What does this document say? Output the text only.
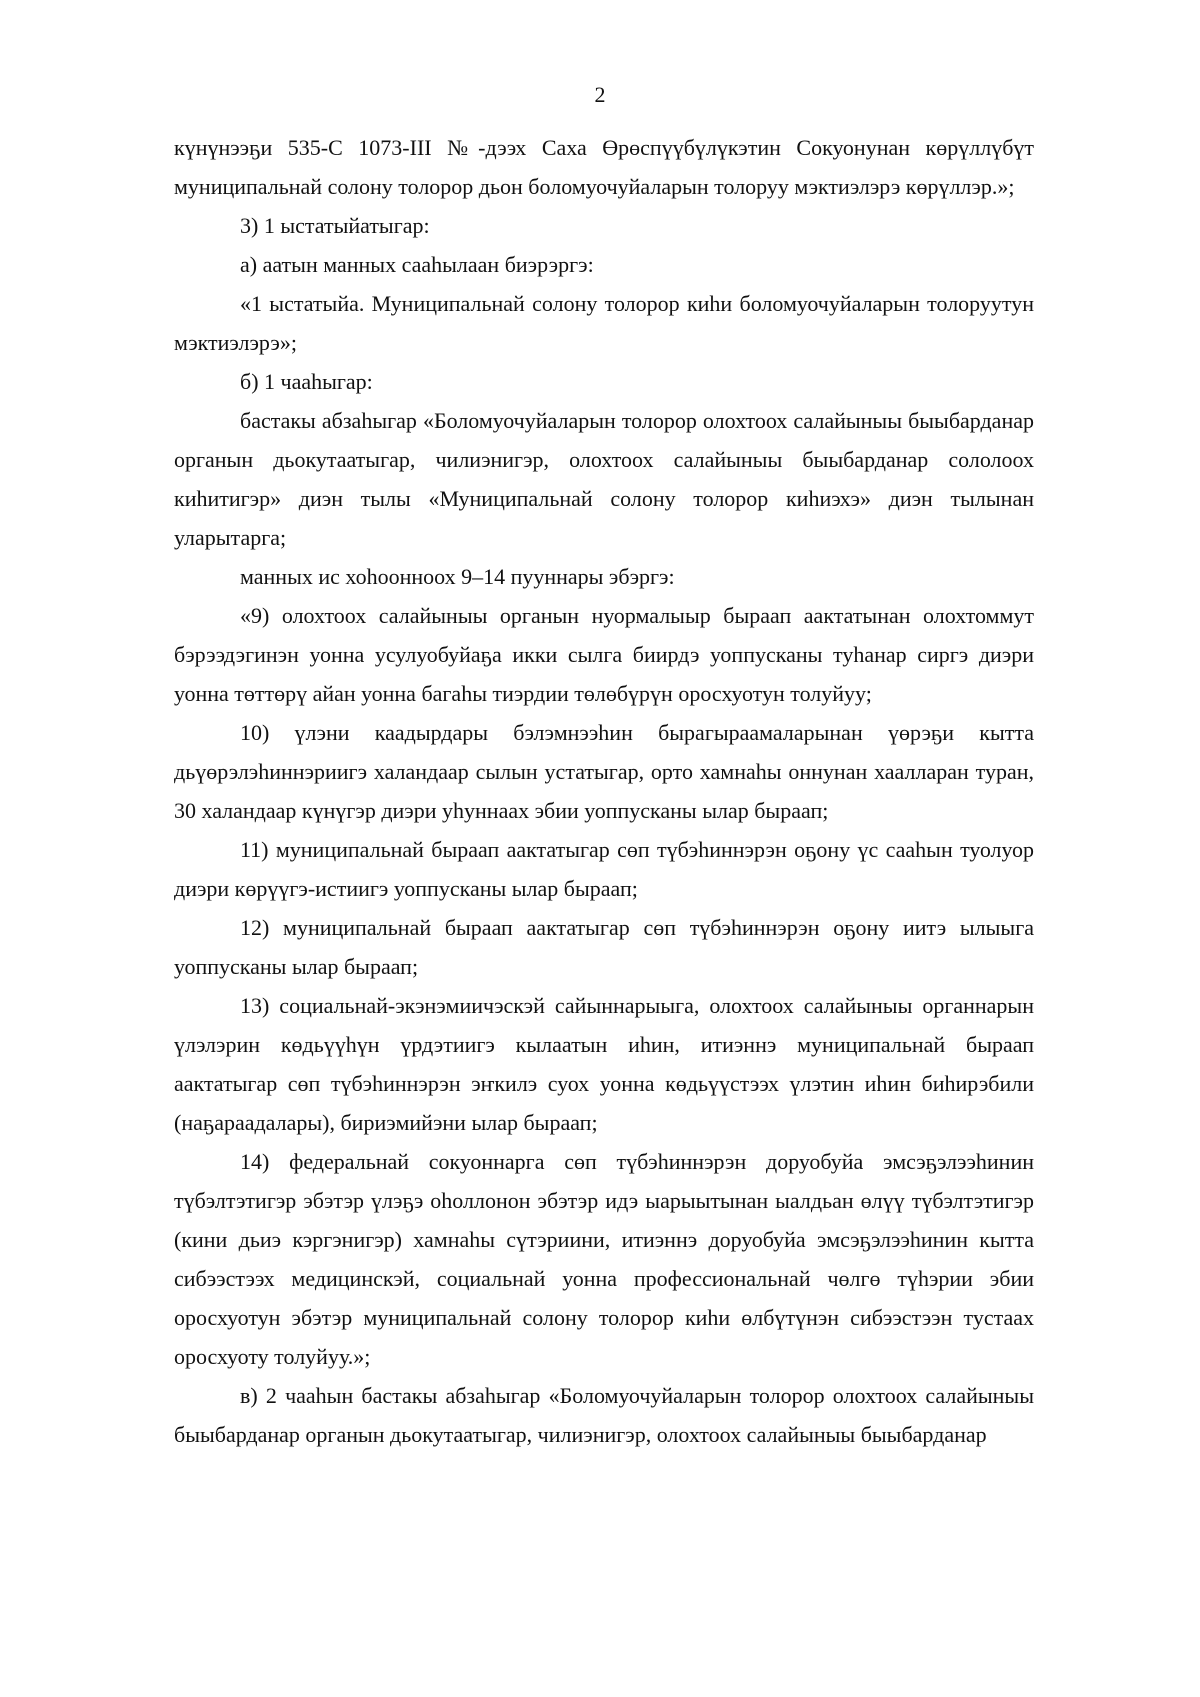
2

күнүнээҕи 535-С 1073-III №-дээх Саха Өрөспүүбүлүкэтин Сокуонунан көрүллүбүт муниципальнай солону толорор дьон боломуочуйаларын толоруу мэктиэлэрэ көрүллэр.»;

3) 1 ыстатыйатыгар:

а) аатын манных сааһылаан биэрэргэ:

«1 ыстатыйа. Муниципальнай солону толорор киһи боломуочуйаларын толоруутун мэктиэлэрэ»;

б) 1 чааһыгар:

бастакы абзаһыгар «Боломуочуйаларын толорор олохтоох салайыныы быыбарданар органын дьокутаатыгар, чилиэнигэр, олохтоох салайыныы быыбарданар сололоох киһитигэр» диэн тылы «Муниципальнай солону толорор киһиэхэ» диэн тылынан уларытарга;

манных ис хоһоонноох 9–14 пууннары эбэргэ:

«9) олохтоох салайыныы органын нуормалыыр быраап аактатынан олохтоммут бэрээдэгинэн уонна усулуобуйаҕа икки сылга биирдэ уоппусканы туһанар сиргэ диэри уонна төттөрү айан уонна багаһы тиэрдии төлөбүрүн оросхуотун толуйуу;

10) үлэни каадырдары бэлэмнээһин бырагыраамаларынан үөрэҕи кытта дьүөрэлэһиннэриигэ халандаар сылын устатыгар, орто хамнаһы оннунан хаалларан туран, 30 халандаар күнүгэр диэри уһуннаах эбии уоппусканы ылар быраап;

11) муниципальнай быраап аактатыгар сөп түбэһиннэрэн оҕону үс сааһын туолуор диэри көрүүгэ-истиигэ уоппусканы ылар быраап;

12) муниципальнай быраап аактатыгар сөп түбэһиннэрэн оҕону иитэ ылыыга уоппусканы ылар быраап;

13) социальнай-экэнэмиичэскэй сайыннарыыга, олохтоох салайыныы органнарын үлэлэрин көдьүүһүн үрдэтиигэ кылаатын иһин, итиэннэ муниципальнай быраап аактатыгар сөп түбэһиннэрэн эҥкилэ суох уонна көдьүүстээх үлэтин иһин биһирэбили (наҕараадалары), бириэмийэни ылар быраап;

14) федеральнай сокуоннарга сөп түбэһиннэрэн доруобуйа эмсэҕэлээһинин түбэлтэтигэр эбэтэр үлэҕэ оһоллонон эбэтэр идэ ыарыытынан ыалдьан өлүү түбэлтэтигэр (кини дьиэ кэргэнигэр) хамнаһы сүтэриини, итиэннэ доруобуйа эмсэҕэлээһинин кытта сибээстээх медицинскэй, социальнай уонна профессиональнай чөлгө түһэрии эбии оросхуотун эбэтэр муниципальнай солону толорор киһи өлбүтүнэн сибээстээн тустаах оросхуоту толуйуу.»;

в) 2 чааһын бастакы абзаһыгар «Боломуочуйаларын толорор олохтоох салайыныы быыбарданар органын дьокутаатыгар, чилиэнигэр, олохтоох салайыныы быыбарданар
